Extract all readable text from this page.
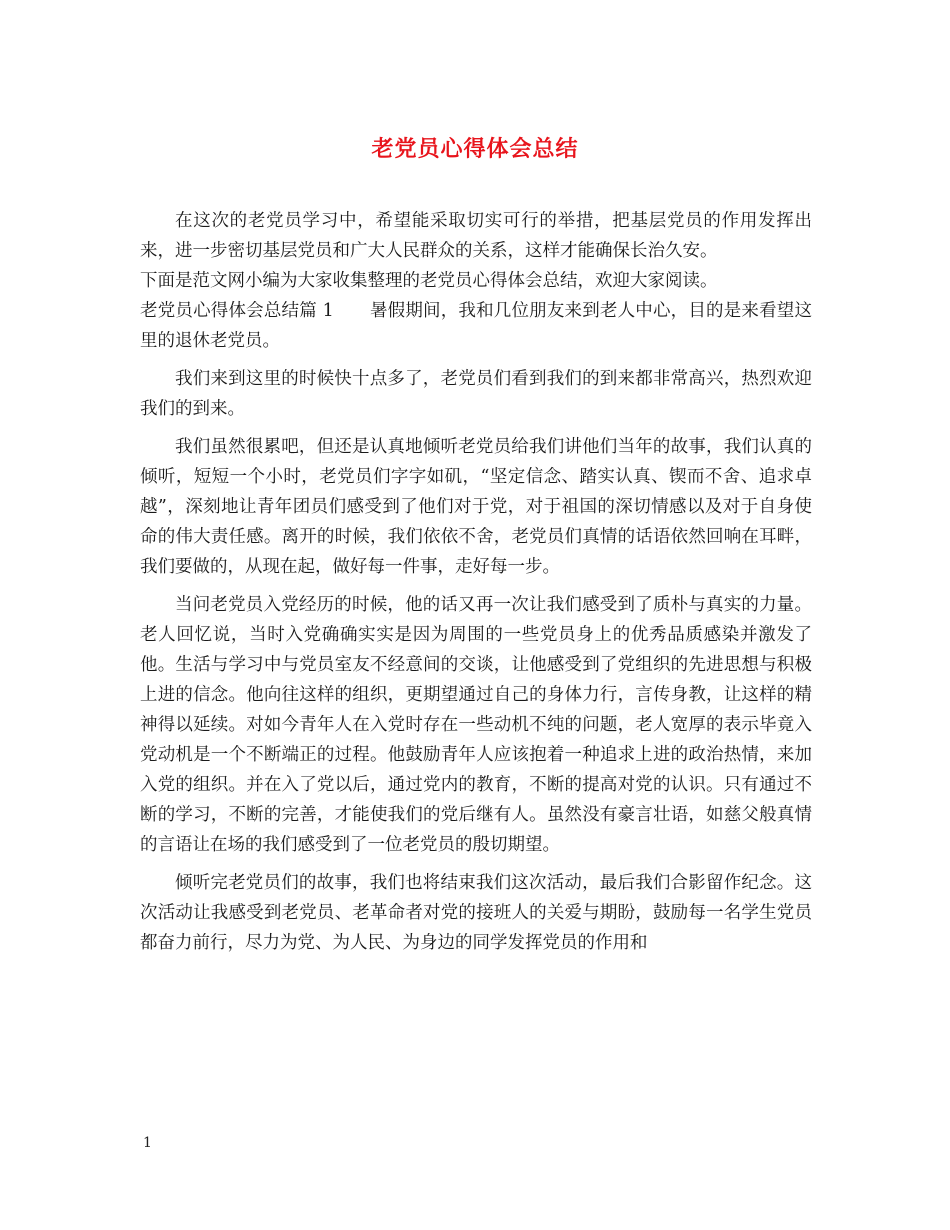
老党员心得体会总结

在这次的老党员学习中，希望能采取切实可行的举措，把基层党员的作用发挥出来，进一步密切基层党员和广大人民群众的关系，这样才能确保长治久安。

下面是范文网小编为大家收集整理的老党员心得体会总结，欢迎大家阅读。

老党员心得体会总结篇 1 暑假期间，我和几位朋友来到老人中心，目的是来看望这里的退休老党员。

我们来到这里的时候快十点多了，老党员们看到我们的到来都非常高兴，热烈欢迎我们的到来。

我们虽然很累吧，但还是认真地倾听老党员给我们讲他们当年的故事，我们认真的倾听，短短一个小时，老党员们字字如矶，“坚定信念、踏实认真、锲而不舍、追求卓越”，深刻地让青年团员们感受到了他们对于党，对于祖国的深切情感以及对于自身使命的伟大责任感。离开的时候，我们依依不舍，老党员们真情的话语依然回响在耳畔，我们要做的，从现在起，做好每一件事，走好每一步。

当问老党员入党经历的时候，他的话又再一次让我们感受到了质朴与真实的力量。老人回忆说，当时入党确确实实是因为周围的一些党员身上的优秀品质感染并激发了他。生活与学习中与党员室友不经意间的交谈，让他感受到了党组织的先进思想与积极上进的信念。他向往这样的组织，更期望通过自己的身体力行，言传身教，让这样的精神得以延续。对如今青年人在入党时存在一些动机不纯的问题，老人宽厚的表示毕竟入党动机是一个不断端正的过程。他鼓励青年人应该抱着一种追求上进的政治热情，来加入党的组织。并在入了党以后，通过党内的教育，不断的提高对党的认识。只有通过不断的学习，不断的完善，才能使我们的党后继有人。虽然没有豪言壮语，如慈父般真情的言语让在场的我们感受到了一位老党员的殷切期望。

倾听完老党员们的故事，我们也将结束我们这次活动，最后我们合影留作纪念。这次活动让我感受到老党员、老革命者对党的接班人的关爱与期盼，鼓励每一名学生党员都奋力前行，尽力为党、为人民、为身边的同学发挥党员的作用和

1
